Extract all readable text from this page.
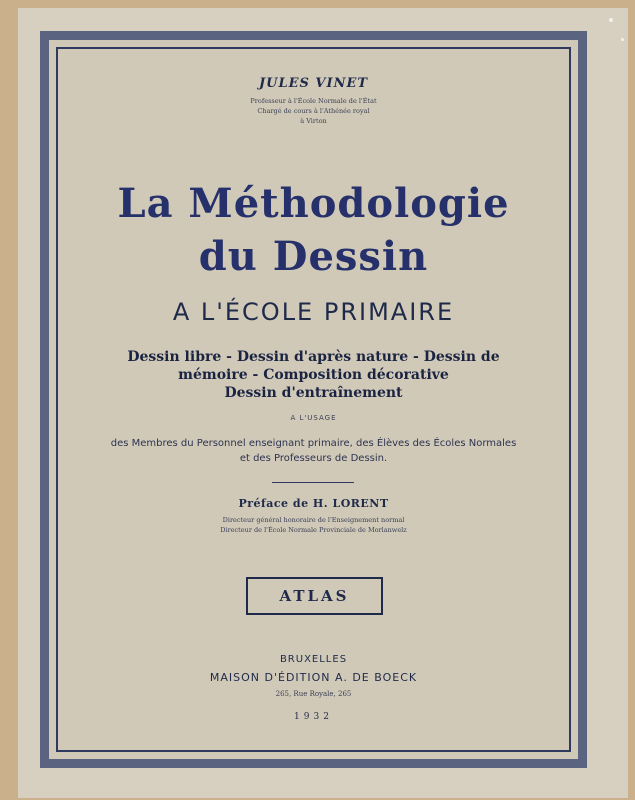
JULES VINET
Professeur à l'École Normale de l'État
Chargé de cours à l'Athénée royal
à Virton
La Méthodologie
du Dessin
A L'ÉCOLE PRIMAIRE
Dessin libre - Dessin d'après nature - Dessin de
mémoire - Composition décorative
Dessin d'entraînement
A L'USAGE
des Membres du Personnel enseignant primaire, des Élèves des Écoles Normales
et des Professeurs de Dessin.
Préface de H. LORENT
Directeur général honoraire de l'Enseignement normal
Directeur de l'École Normale Provinciale de Morlanwelz
ATLAS
BRUXELLES
MAISON D'ÉDITION A. DE BOECK
265, Rue Royale, 265
1932
